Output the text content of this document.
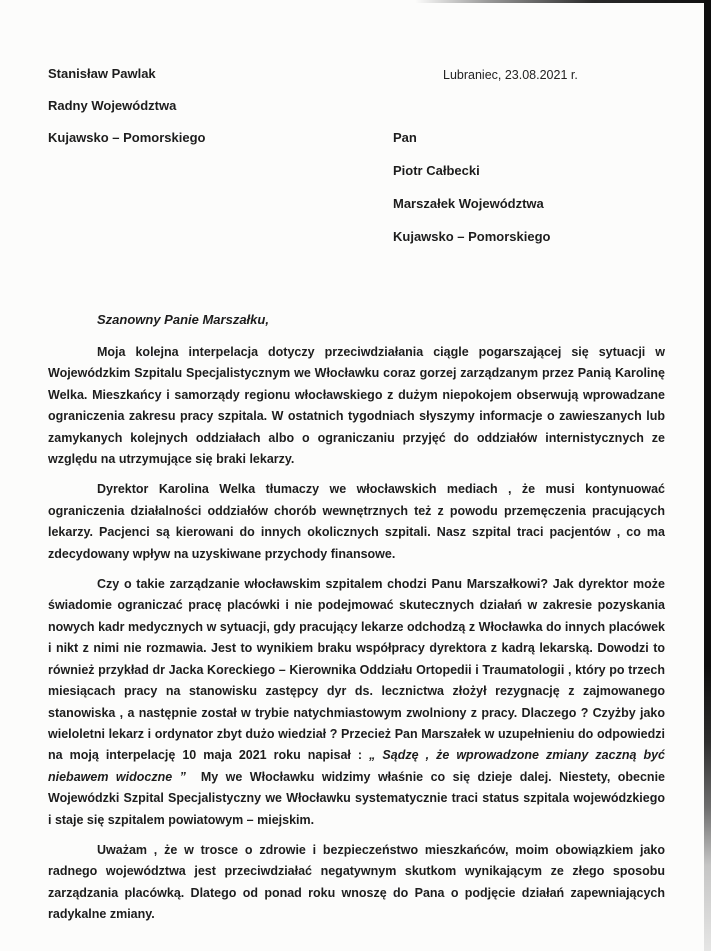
Stanisław Pawlak
Radny Województwa
Kujawsko – Pomorskiego
Lubraniec, 23.08.2021 r.
Pan
Piotr Całbecki
Marszałek Województwa
Kujawsko – Pomorskiego
Szanowny Panie Marszałku,

Moja kolejna interpelacja dotyczy przeciwdziałania ciągle pogarszającej się sytuacji w Wojewódzkim Szpitalu Specjalistycznym we Włocławku coraz gorzej zarządzanym przez Panią Karolinę Welka. Mieszkańcy i samorządy regionu włocławskiego z dużym niepokojem obserwują wprowadzane ograniczenia zakresu pracy szpitala. W ostatnich tygodniach słyszymy informacje o zawieszanych lub zamykanych kolejnych oddziałach albo o ograniczaniu przyjęć do oddziałów internistycznych ze względu na utrzymujące się braki lekarzy.

Dyrektor Karolina Welka tłumaczy we włocławskich mediach , że musi kontynuować ograniczenia działalności oddziałów chorób wewnętrznych też z powodu przemęczenia pracujących lekarzy. Pacjenci są kierowani do innych okolicznych szpitali. Nasz szpital traci pacjentów , co ma zdecydowany wpływ na uzyskiwane przychody finansowe.

Czy o takie zarządzanie włocławskim szpitalem chodzi Panu Marszałkowi? Jak dyrektor może świadomie ograniczać pracę placówki i nie podejmować skutecznych działań w zakresie pozyskania nowych kadr medycznych w sytuacji, gdy pracujący lekarze odchodzą z Włocławka do innych placówek i nikt z nimi nie rozmawia. Jest to wynikiem braku współpracy dyrektora z kadrą lekarską. Dowodzi to również przykład dr Jacka Koreckiego – Kierownika Oddziału Ortopedii i Traumatologii , który po trzech miesiącach pracy na stanowisku zastępcy dyr ds. lecznictwa złożył rezygnację z zajmowanego stanowiska , a następnie został w trybie natychmiastowym zwolniony z pracy. Dlaczego ? Czyżby jako wieloletni lekarz i ordynator zbyt dużo wiedział ? Przecież Pan Marszałek w uzupełnieniu do odpowiedzi na moją interpelację 10 maja 2021 roku napisał : „ Sądzę , że wprowadzone zmiany zaczną być niebawem widoczne ” My we Włocławku widzimy właśnie co się dzieje dalej. Niestety, obecnie Wojewódzki Szpital Specjalistyczny we Włocławku systematycznie traci status szpitala wojewódzkiego i staje się szpitalem powiatowym – miejskim.

Uważam , że w trosce o zdrowie i bezpieczeństwo mieszkańców, moim obowiązkiem jako radnego województwa jest przeciwdziałać negatywnym skutkom wynikającym ze złego sposobu zarządzania placówką. Dlatego od ponad roku wnoszę do Pana o podjęcie działań zapewniających radykalne zmiany.
